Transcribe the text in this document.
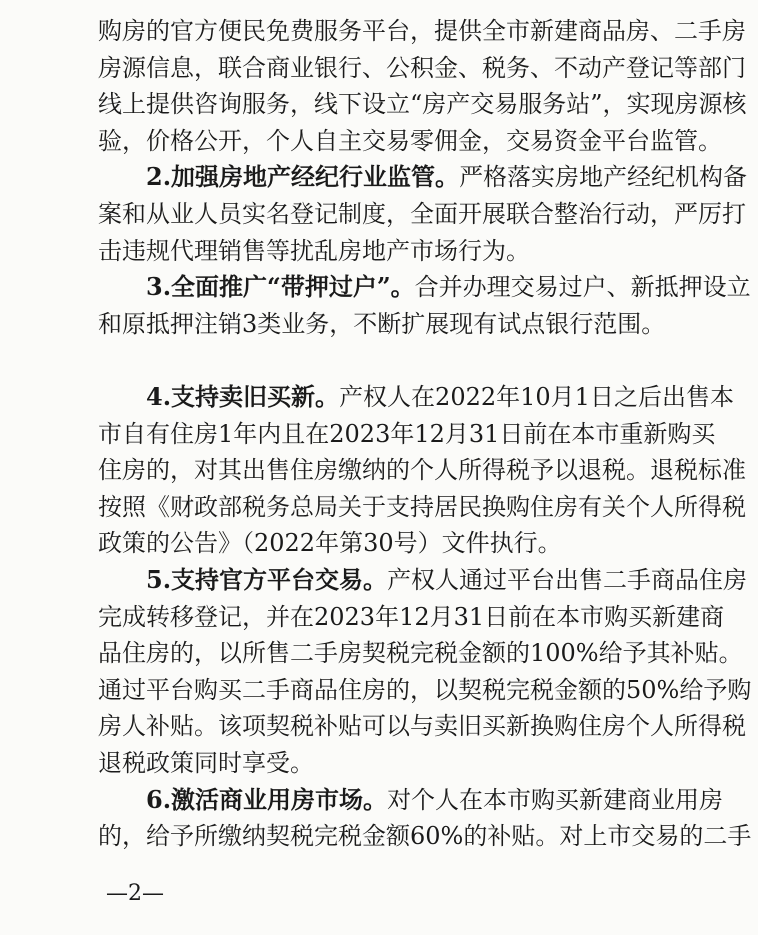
购房的官方便民免费服务平台，提供全市新建商品房、二手房
房源信息，联合商业银行、公积金、税务、不动产登记等部门
线上提供咨询服务，线下设立“房产交易服务站”，实现房源核
验，价格公开，个人自主交易零佣金，交易资金平台监管。
2.加强房地产经纪行业监管。严格落实房地产经纪机构备
案和从业人员实名登记制度，全面开展联合整治行动，严厉打
击违规代理销售等扰乱房地产市场行为。
3.全面推广“带押过户”。合并办理交易过户、新抵押设立
和原抵押注销3类业务，不断扩展现有试点银行范围。
4.支持卖旧买新。产权人在2022年10月1日之后出售本
市自有住房1年内且在2023年12月31日前在本市重新购买
住房的，对其出售住房缴纳的个人所得税予以退税。退税标准
按照《财政部税务总局关于支持居民换购住房有关个人所得税
政策的公告》（2022年第30号）文件执行。
5.支持官方平台交易。产权人通过平台出售二手商品住房
完成转移登记，并在2023年12月31日前在本市购买新建商
品住房的，以所售二手房契税完税金额的100%给予其补贴。
通过平台购买二手商品住房的，以契税完税金额的50%给予购
房人补贴。该项契税补贴可以与卖旧买新换购住房个人所得税
退税政策同时享受。
6.激活商业用房市场。对个人在本市购买新建商业用房
的，给予所缴纳契税完税金额60%的补贴。对上市交易的二手
—2—
